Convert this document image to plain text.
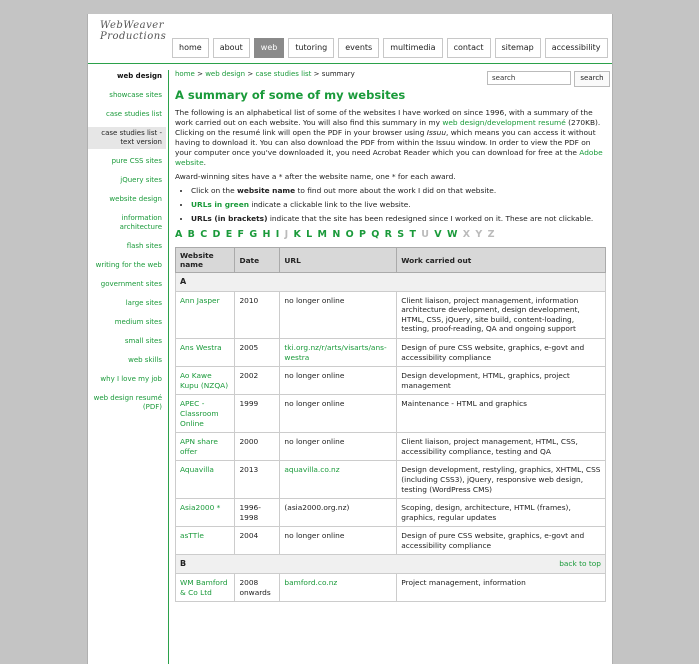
WebWeaver Productions
home	about	web	tutoring	events	multimedia	contact	sitemap	accessibility
web design
showcase sites
case studies list
case studies list - text version
pure CSS sites
jQuery sites
website design
information architecture
flash sites
writing for the web
government sites
large sites
medium sites
small sites
web skills
why I love my job
web design resumé (PDF)
home > web design > case studies list > summary	search	search
A summary of some of my websites

The following is an alphabetical list of some of the websites I have worked on since 1996, with a summary of the work carried out on each website. You will also find this summary in my web design/development resumé (270KB). Clicking on the resumé link will open the PDF in your browser using Issuu, which means you can access it without having to download it. You can also download the PDF from within the Issuu window. In order to view the PDF on your computer once you've downloaded it, you need Acrobat Reader which you can download for free at the Adobe website.

Award-winning sites have a * after the website name, one * for each award.

• Click on the website name to find out more about the work I did on that website.
• URLs in green indicate a clickable link to the live website.
• URLs (in brackets) indicate that the site has been redesigned since I worked on it. These are not clickable.
A B C D E F G H I J K L M N O P Q R S T U V W X Y Z
Website name	Date	URL	Work carried out
A			
Ann Jasper	2010	no longer online	Client liaison, project management, information architecture development, design development, HTML, CSS, jQuery, site build, content-loading, testing, proof-reading, QA and ongoing support
Ans Westra	2005	tki.org.nz/r/arts/visarts/ans-westra	Design of pure CSS website, graphics, e-govt and accessibility compliance
Ao Kawe Kupu (NZQA)	2002	no longer online	Design development, HTML, graphics, project management
APEC - Classroom Online	1999	no longer online	Maintenance - HTML and graphics
APN share offer	2000	no longer online	Client liaison, project management, HTML, CSS, accessibility compliance, testing and QA
Aquavilla	2013	aquavilla.co.nz	Design development, restyling, graphics, XHTML, CSS (including CSS3), jQuery, responsive web design, testing (WordPress CMS)
Asia2000 *	1996-1998	(asia2000.org.nz)	Scoping, design, architecture, HTML (frames), graphics, regular updates
asTTle	2004	no longer online	Design of pure CSS website, graphics, e-govt and accessibility compliance
B back to top			

WM Bamford & Co Ltd	2008 onwards	bamford.co.nz	Project management, information
